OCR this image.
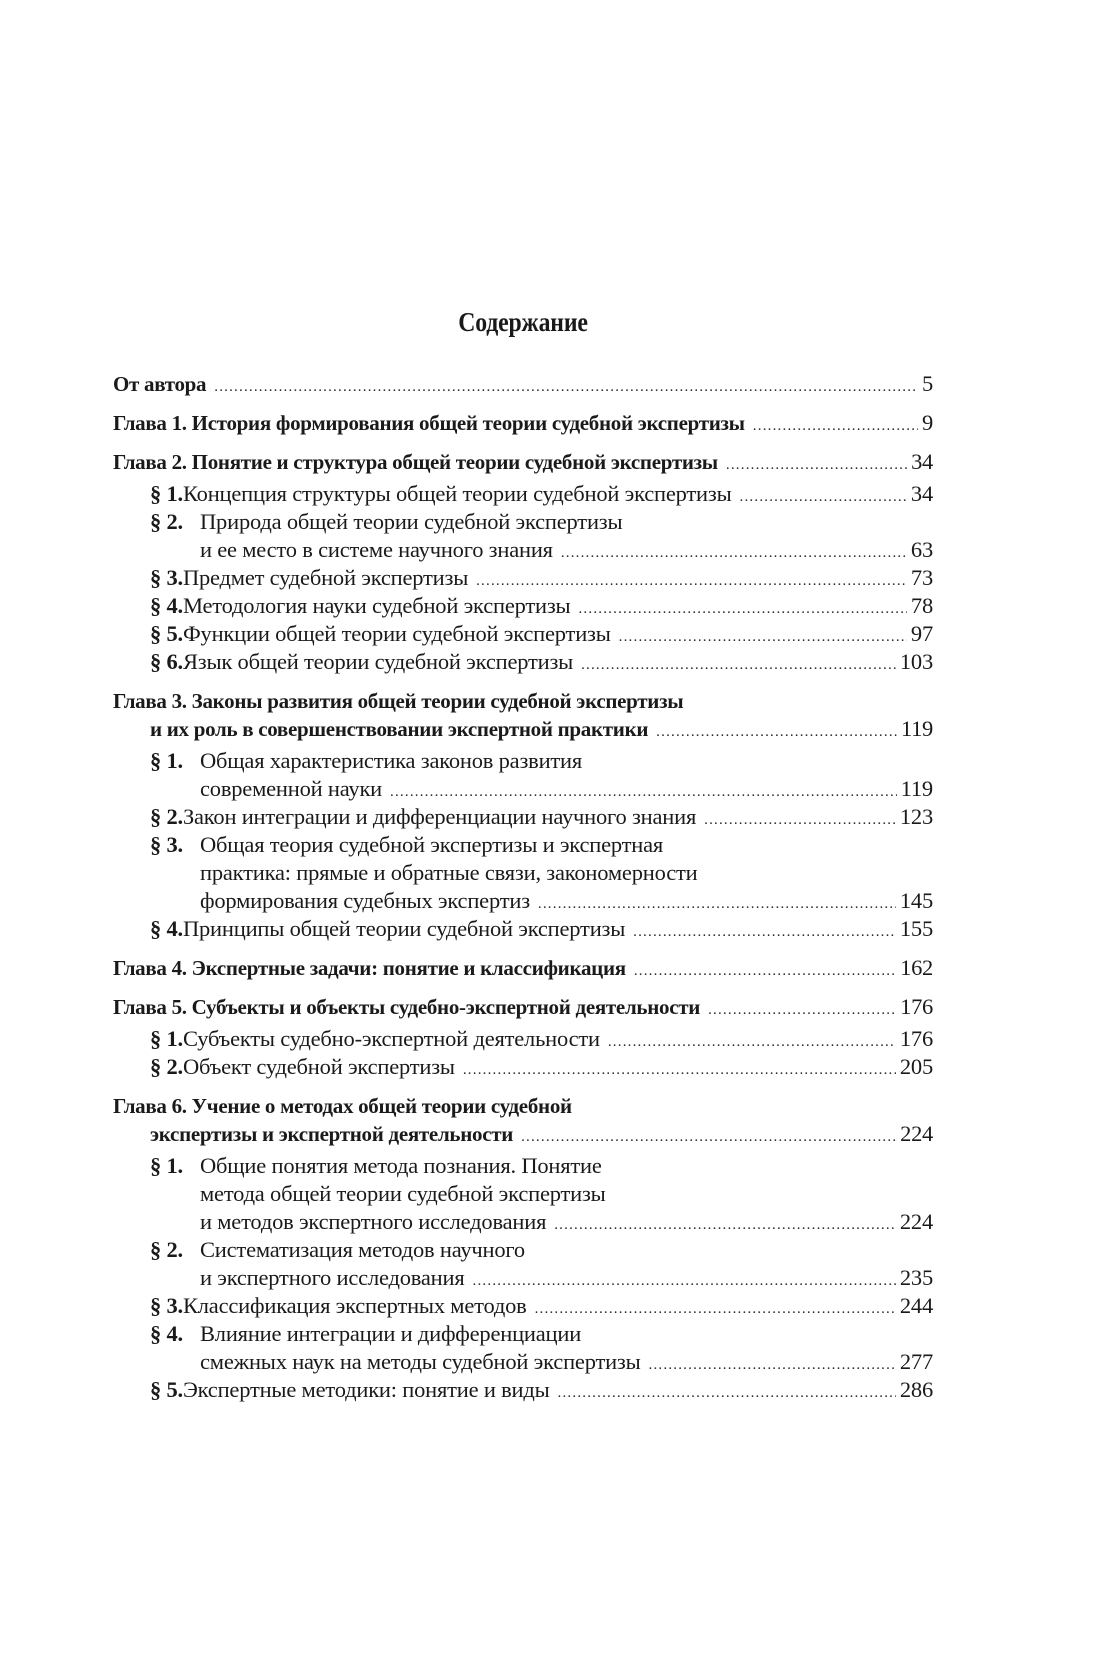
Содержание
От автора .....	5
Глава 1.
История формирования общей теории судебной экспертизы .....	9
Глава 2.
Понятие и структура общей теории судебной экспертизы .....	34
§ 1. Концепция структуры общей теории судебной экспертизы .....	34
§ 2. Природа общей теории судебной экспертизы
и ее место в системе научного знания .....	63
§ 3. Предмет судебной экспертизы .....	73
§ 4. Методология науки судебной экспертизы .....	78
§ 5. Функции общей теории судебной экспертизы .....	97
§ 6. Язык общей теории судебной экспертизы .....	103
Глава 3.
Законы развития общей теории судебной экспертизы
и их роль в совершенствовании экспертной практики .....	119
§ 1. Общая характеристика законов развития
современной науки .....	119
§ 2. Закон интеграции и дифференциации научного знания .....	123
§ 3. Общая теория судебной экспертизы и экспертная
практика: прямые и обратные связи, закономерности
формирования судебных экспертиз .....	145
§ 4. Принципы общей теории судебной экспертизы .....	155
Глава 4.
Экспертные задачи: понятие и классификация .....	162
Глава 5.
Субъекты и объекты судебно-экспертной деятельности .....	176
§ 1. Субъекты судебно-экспертной деятельности .....	176
§ 2. Объект судебной экспертизы .....	205
Глава 6.
Учение о методах общей теории судебной
экспертизы и экспертной деятельности .....	224
§ 1. Общие понятия метода познания. Понятие
метода общей теории судебной экспертизы
и методов экспертного исследования .....	224
§ 2. Систематизация методов научного
и экспертного исследования .....	235
§ 3. Классификация экспертных методов .....	244
§ 4. Влияние интеграции и дифференциации
смежных наук на методы судебной экспертизы .....	277
§ 5. Экспертные методики: понятие и виды .....	286
